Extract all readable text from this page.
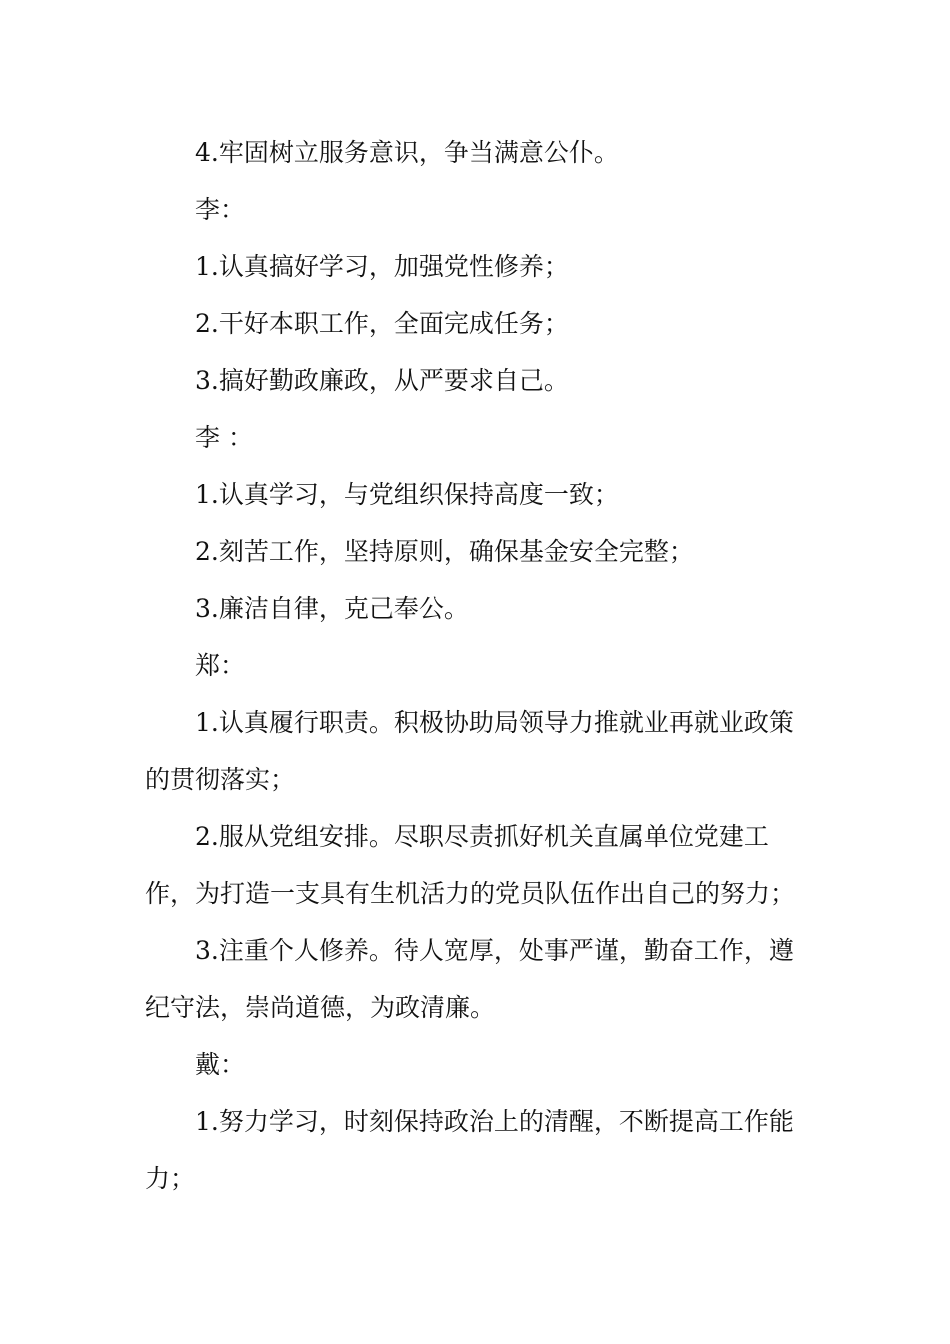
4.牢固树立服务意识，争当满意公仆。

李：

1.认真搞好学习，加强党性修养；

2.干好本职工作，全面完成任务；

3.搞好勤政廉政，从严要求自己。

李 ：

1.认真学习，与党组织保持高度一致；

2.刻苦工作，坚持原则，确保基金安全完整；

3.廉洁自律，克己奉公。

郑：

1.认真履行职责。积极协助局领导力推就业再就业政策的贯彻落实；

2.服从党组安排。尽职尽责抓好机关直属单位党建工作，为打造一支具有生机活力的党员队伍作出自己的努力；

3.注重个人修养。待人宽厚，处事严谨，勤奋工作，遵纪守法，崇尚道德，为政清廉。

戴：

1.努力学习，时刻保持政治上的清醒，不断提高工作能力；
